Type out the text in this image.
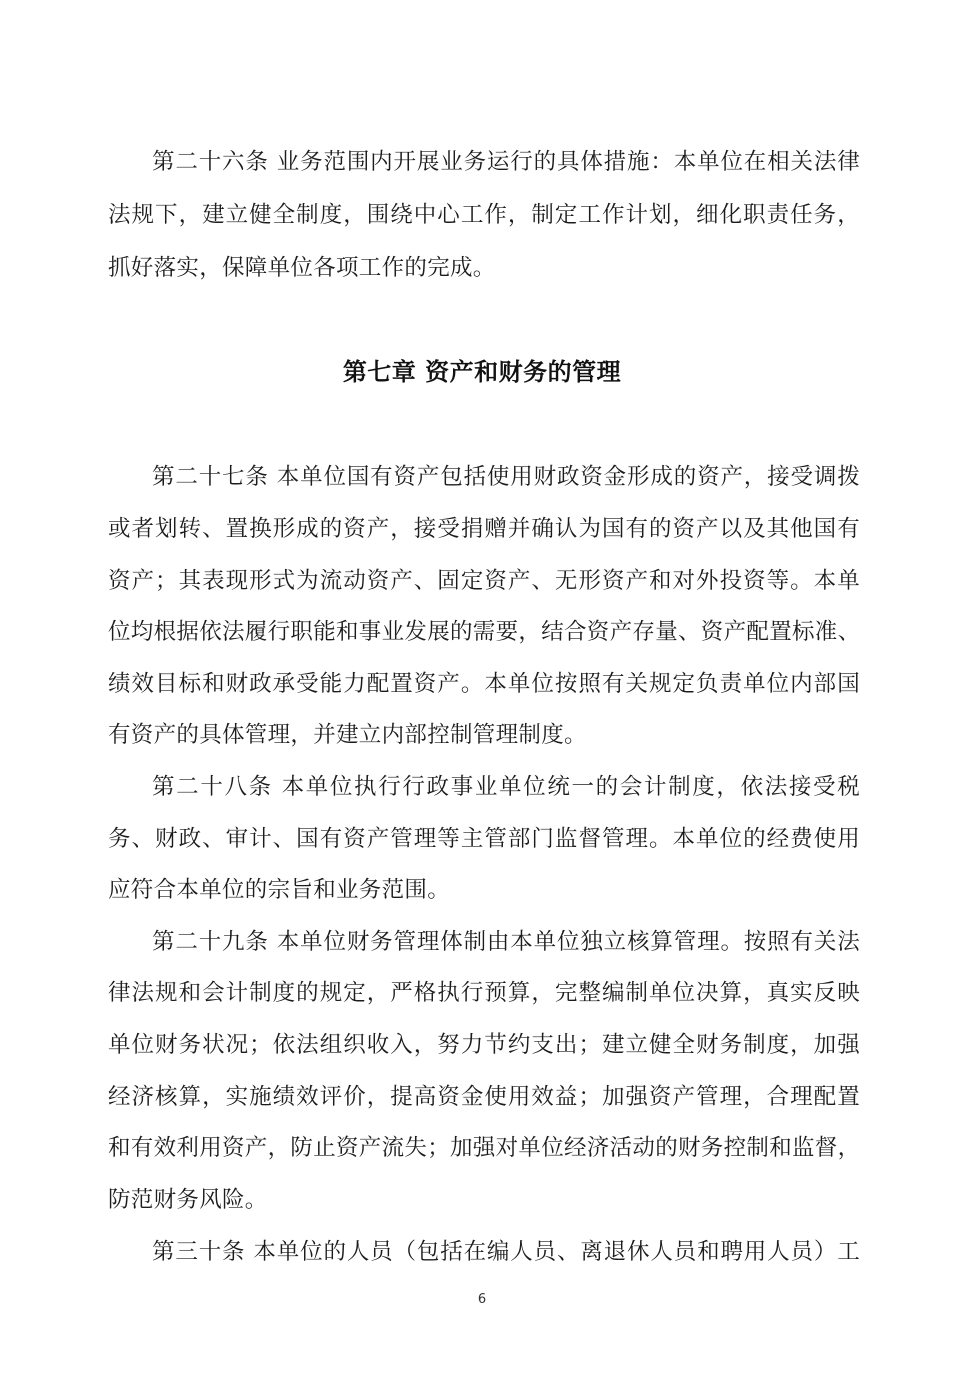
第二十六条 业务范围内开展业务运行的具体措施：本单位在相关法律
法规下，建立健全制度，围绕中心工作，制定工作计划，细化职责任务，
抓好落实，保障单位各项工作的完成。
第七章 资产和财务的管理
第二十七条 本单位国有资产包括使用财政资金形成的资产，接受调拨
或者划转、置换形成的资产，接受捐赠并确认为国有的资产以及其他国有
资产；其表现形式为流动资产、固定资产、无形资产和对外投资等。本单
位均根据依法履行职能和事业发展的需要，结合资产存量、资产配置标准、
绩效目标和财政承受能力配置资产。本单位按照有关规定负责单位内部国
有资产的具体管理，并建立内部控制管理制度。
第二十八条 本单位执行行政事业单位统一的会计制度，依法接受税
务、财政、审计、国有资产管理等主管部门监督管理。本单位的经费使用
应符合本单位的宗旨和业务范围。
第二十九条 本单位财务管理体制由本单位独立核算管理。按照有关法
律法规和会计制度的规定，严格执行预算，完整编制单位决算，真实反映
单位财务状况；依法组织收入，努力节约支出；建立健全财务制度，加强
经济核算，实施绩效评价，提高资金使用效益；加强资产管理，合理配置
和有效利用资产，防止资产流失；加强对单位经济活动的财务控制和监督，
防范财务风险。
第三十条 本单位的人员（包括在编人员、离退休人员和聘用人员）工
6
